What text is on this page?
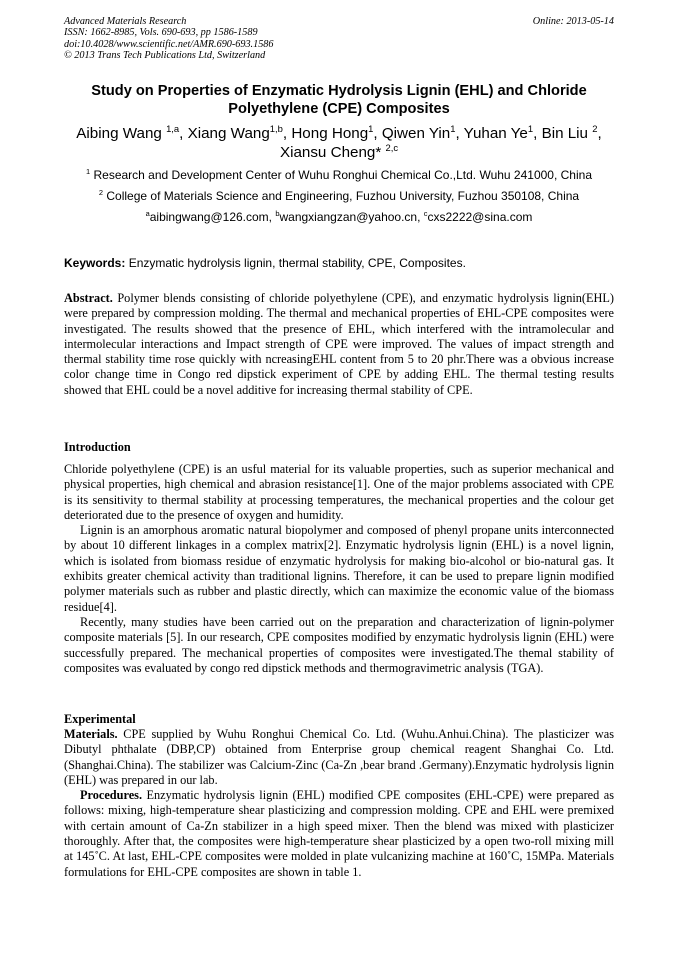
Advanced Materials Research
ISSN: 1662-8985, Vols. 690-693, pp 1586-1589
doi:10.4028/www.scientific.net/AMR.690-693.1586
© 2013 Trans Tech Publications Ltd, Switzerland
Online: 2013-05-14
Study on Properties of Enzymatic Hydrolysis Lignin (EHL) and Chloride Polyethylene (CPE) Composites
Aibing Wang $^{1,a}$, Xiang Wang$^{1,b}$, Hong Hong$^1$, Qiwen Yin$^1$, Yuhan Ye$^1$, Bin Liu $^2$, Xiansu Cheng* $^{2,c}$
$^1$ Research and Development Center of Wuhu Ronghui Chemical Co.,Ltd. Wuhu 241000, China
$^2$ College of Materials Science and Engineering, Fuzhou University, Fuzhou 350108, China
$^a$aibingwang@126.com, $^b$wangxiangzan@yahoo.cn, $^c$cxs2222@sina.com
Keywords: Enzymatic hydrolysis lignin, thermal stability, CPE, Composites.

Abstract. Polymer blends consisting of chloride polyethylene (CPE), and enzymatic hydrolysis lignin(EHL) were prepared by compression molding. The thermal and mechanical properties of EHL-CPE composites were investigated. The results showed that the presence of EHL, which interfered with the intramolecular and intermolecular interactions and Impact strength of CPE were improved. The values of impact strength and thermal stability time rose quickly with ncreasingEHL content from 5 to 20 phr.There was a obvious increase color change time in Congo red dipstick experiment of CPE by adding EHL. The thermal testing results showed that EHL could be a novel additive for increasing thermal stability of CPE.

Introduction

Chloride polyethylene (CPE) is an usful material for its valuable properties, such as superior mechanical and physical properties, high chemical and abrasion resistance[1]. One of the major problems associated with CPE is its sensitivity to thermal stability at processing temperatures, the mechanical properties and the colour get deteriorated due to the presence of oxygen and humidity.

Lignin is an amorphous aromatic natural biopolymer and composed of phenyl propane units interconnected by about 10 different linkages in a complex matrix[2]. Enzymatic hydrolysis lignin (EHL) is a novel lignin, which is isolated from biomass residue of enzymatic hydrolysis for making bio-alcohol or bio-natural gas. It exhibits greater chemical activity than traditional lignins. Therefore, it can be used to prepare lignin modified polymer materials such as rubber and plastic directly, which can maximize the economic value of the biomass residue[4].

Recently, many studies have been carried out on the preparation and characterization of lignin-polymer composite materials [5]. In our research, CPE composites modified by enzymatic hydrolysis lignin (EHL) were successfully prepared. The mechanical properties of composites were investigated.The themal stability of composites was evaluated by congo red dipstick methods and thermogravimetric analysis (TGA).

Experimental

Materials. CPE supplied by Wuhu Ronghui Chemical Co. Ltd. (Wuhu.Anhui.China). The plasticizer was Dibutyl phthalate (DBP,CP) obtained from Enterprise group chemical reagent Shanghai Co. Ltd. (Shanghai.China). The stabilizer was Calcium-Zinc (Ca-Zn ,bear brand .Germany).Enzymatic hydrolysis lignin (EHL) was prepared in our lab.

Procedures. Enzymatic hydrolysis lignin (EHL) modified CPE composites (EHL-CPE) were prepared as follows: mixing, high-temperature shear plasticizing and compression molding. CPE and EHL were premixed with certain amount of Ca-Zn stabilizer in a high speed mixer. Then the blend was mixed with plasticizer thoroughly. After that, the composites were high-temperature shear plasticized by a open two-roll mixing mill at 145˚C. At last, EHL-CPE composites were molded in plate vulcanizing machine at 160˚C, 15MPa. Materials formulations for EHL-CPE composites are shown in table 1.
